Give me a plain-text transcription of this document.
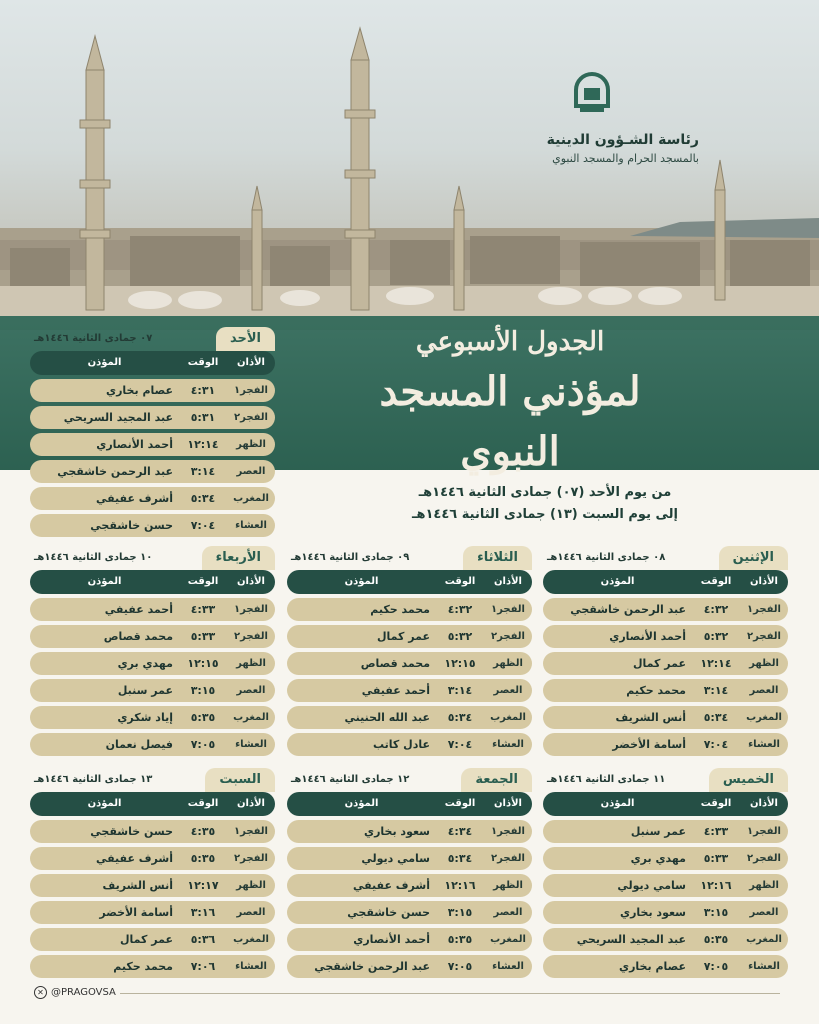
رئاسة الشـؤون الدينية
بالمسجد الحرام والمسجد النبوي
الجدول الأسبوعي
لمؤذني المسجد النبوي
من يوم الأحد (٠٧) جمادى الثانية ١٤٤٦هـ
إلى يوم السبت (١٣) جمادى الثانية ١٤٤٦هـ
الأحد
٠٧ جمادى الثانية ١٤٤٦هـ
الأذان
الوقت
المؤذن
الفجر١
٤:٣١
عصام بخاري
الفجر٢
٥:٣١
عبد المجيد السريحي
الظهر
١٢:١٤
أحمد الأنصاري
العصر
٣:١٤
عبد الرحمن خاشقجي
المغرب
٥:٣٤
أشرف عفيفي
العشاء
٧:٠٤
حسن خاشقجي
الإثنين
٠٨ جمادى الثانية ١٤٤٦هـ
الأذان
الوقت
المؤذن
الفجر١
٤:٣٢
عبد الرحمن خاشقجي
الفجر٢
٥:٣٢
أحمد الأنصاري
الظهر
١٢:١٤
عمر كمال
العصر
٣:١٤
محمد حكيم
المغرب
٥:٣٤
أنس الشريف
العشاء
٧:٠٤
أسامة الأخضر
الثلاثاء
٠٩ جمادى الثانية ١٤٤٦هـ
الأذان
الوقت
المؤذن
الفجر١
٤:٣٢
محمد حكيم
الفجر٢
٥:٣٢
عمر كمال
الظهر
١٢:١٥
محمد قصاص
العصر
٣:١٤
أحمد عفيفي
المغرب
٥:٣٤
عبد الله الحنيني
العشاء
٧:٠٤
عادل كاتب
الأربعاء
١٠ جمادى الثانية ١٤٤٦هـ
الأذان
الوقت
المؤذن
الفجر١
٤:٣٣
أحمد عفيفي
الفجر٢
٥:٣٣
محمد قصاص
الظهر
١٢:١٥
مهدي بري
العصر
٣:١٥
عمر سنبل
المغرب
٥:٣٥
إياد شكري
العشاء
٧:٠٥
فيصل نعمان
الخميس
١١ جمادى الثانية ١٤٤٦هـ
الأذان
الوقت
المؤذن
الفجر١
٤:٣٣
عمر سنبل
الفجر٢
٥:٣٣
مهدي بري
الظهر
١٢:١٦
سامي ديولي
العصر
٣:١٥
سعود بخاري
المغرب
٥:٣٥
عبد المجيد السريحي
العشاء
٧:٠٥
عصام بخاري
الجمعة
١٢ جمادى الثانية ١٤٤٦هـ
الأذان
الوقت
المؤذن
الفجر١
٤:٣٤
سعود بخاري
الفجر٢
٥:٣٤
سامي ديولي
الظهر
١٢:١٦
أشرف عفيفي
العصر
٣:١٥
حسن خاشقجي
المغرب
٥:٣٥
أحمد الأنصاري
العشاء
٧:٠٥
عبد الرحمن خاشقجي
السبت
١٣ جمادى الثانية ١٤٤٦هـ
الأذان
الوقت
المؤذن
الفجر١
٤:٣٥
حسن خاشقجي
الفجر٢
٥:٣٥
أشرف عفيفي
الظهر
١٢:١٧
أنس الشريف
العصر
٣:١٦
أسامة الأخضر
المغرب
٥:٣٦
عمر كمال
العشاء
٧:٠٦
محمد حكيم
✕ @PRAGOVSA
